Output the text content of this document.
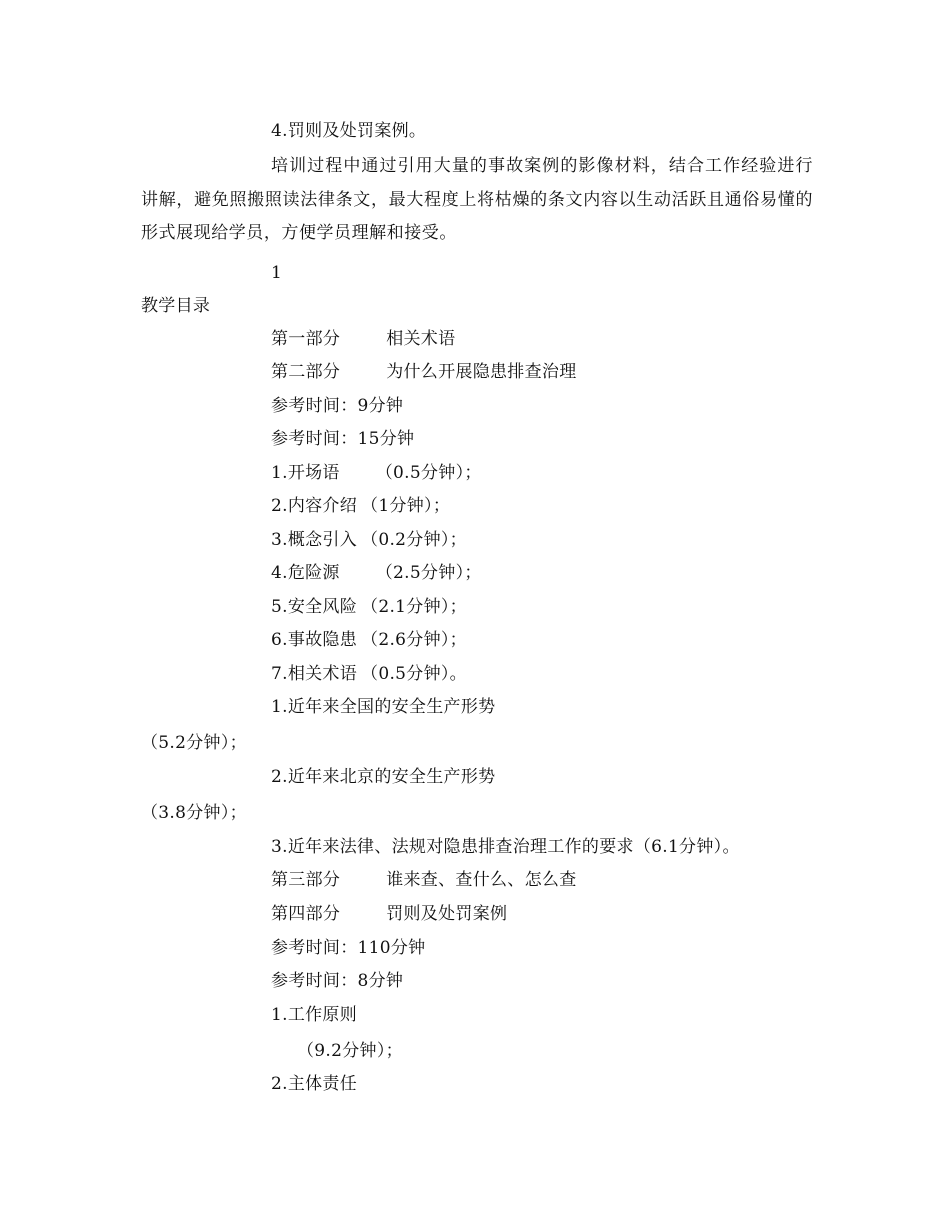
4.罚则及处罚案例。
培训过程中通过引用大量的事故案例的影像材料，结合工作经验进行讲解，避免照搬照读法律条文，最大程度上将枯燥的条文内容以生动活跃且通俗易懂的形式展现给学员，方便学员理解和接受。
1
教学目录
第一部分	相关术语
第二部分	为什么开展隐患排查治理
参考时间：9分钟
参考时间：15分钟
1.开场语 （0.5分钟）；
2.内容介绍 （1分钟）；
3.概念引入 （0.2分钟）；
4.危险源 （2.5分钟）；
5.安全风险 （2.1分钟）；
6.事故隐患 （2.6分钟）；
7.相关术语 （0.5分钟）。
1.近年来全国的安全生产形势
（5.2分钟）；
2.近年来北京的安全生产形势
（3.8分钟）；
3.近年来法律、法规对隐患排查治理工作的要求（6.1分钟）。
第三部分	谁来查、查什么、怎么查
第四部分	罚则及处罚案例
参考时间：110分钟
参考时间：8分钟
1.工作原则
（9.2分钟）；
2.主体责任
